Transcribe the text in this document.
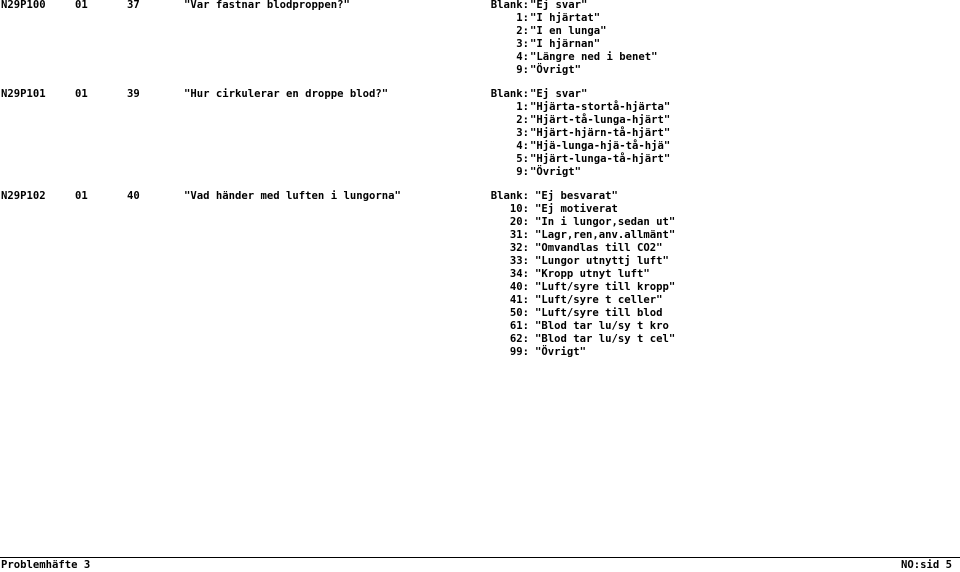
N29P100	01	37	"Var fastnar blodproppen?"	Blank: "Ej svar"
1: "I hjärtat"
2: "I en lunga"
3: "I hjärnan"
4: "Längre ned i benet"
9: "Övrigt"
N29P101	01	39	"Hur cirkulerar en droppe blod?"	Blank: "Ej svar"
1: "Hjärta-stortå-hjärta"
2: "Hjärt-tå-lunga-hjärt"
3: "Hjärt-hjärn-tå-hjärt"
4: "Hjä-lunga-hjä-tå-hjä"
5: "Hjärt-lunga-tå-hjärt"
9: "Övrigt"
N29P102	01	40	"Vad händer med luften i lungorna"	Blank: "Ej besvarat"
10: "Ej motiverat
20: "In i lungor,sedan ut"
31: "Lagr,ren,anv.allmänt"
32: "Omvandlas till CO2"
33: "Lungor utnyttj luft"
34: "Kropp utnyt luft"
40: "Luft/syre till kropp"
41: "Luft/syre t celler"
50: "Luft/syre till blod
61: "Blod tar lu/sy t kro
62: "Blod tar lu/sy t cel"
99: "Övrigt"
Problemhäfte 3	NO:sid 5
